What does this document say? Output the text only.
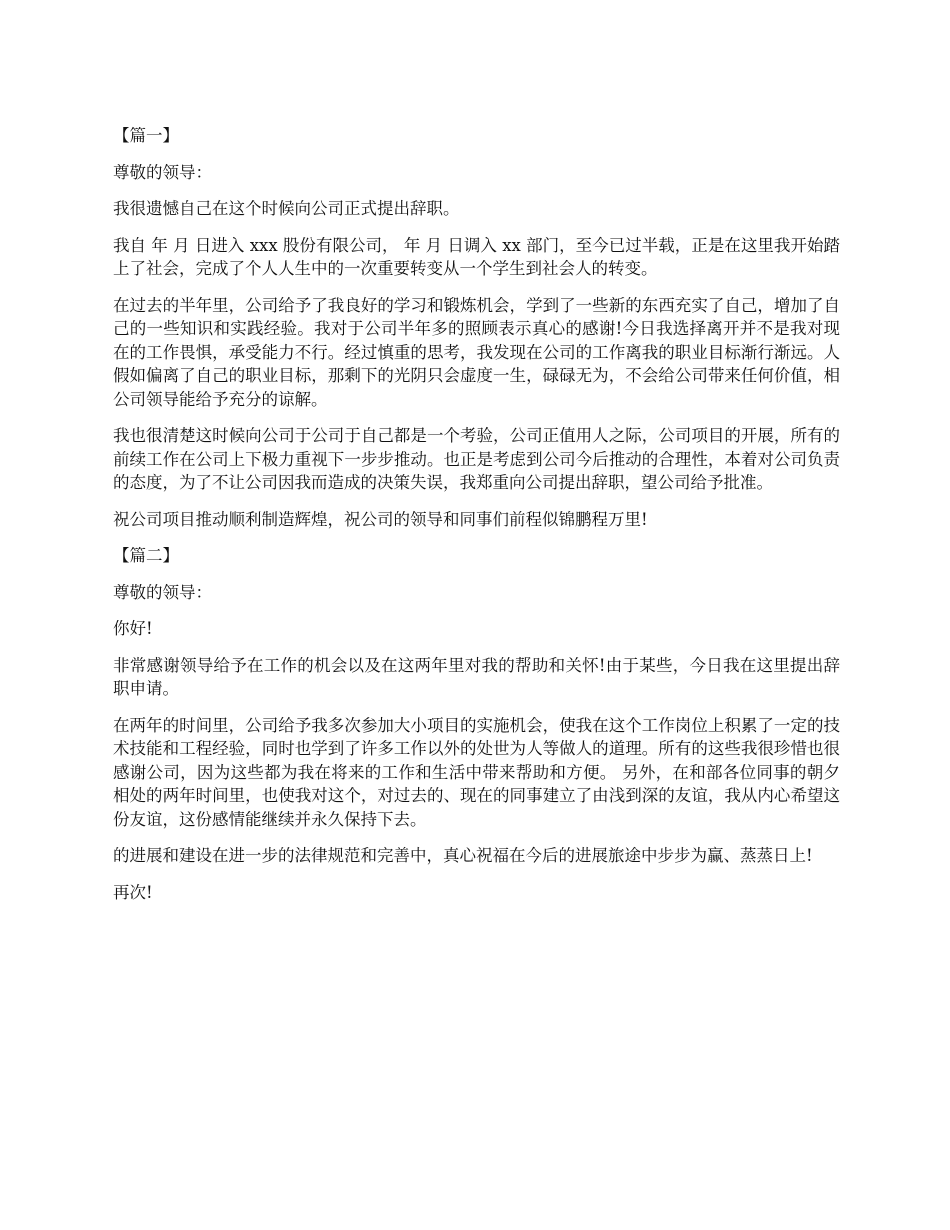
【篇一】

尊敬的领导：

我很遗憾自己在这个时候向公司正式提出辞职。

我自 年 月 日进入 xxx 股份有限公司， 年 月 日调入 xx 部门，至今已过半载，正是在这里我开始踏上了社会，完成了个人人生中的一次重要转变从一个学生到社会人的转变。

在过去的半年里，公司给予了我良好的学习和锻炼机会，学到了一些新的东西充实了自己，增加了自己的一些知识和实践经验。我对于公司半年多的照顾表示真心的感谢!今日我选择离开并不是我对现在的工作畏惧，承受能力不行。经过慎重的思考，我发现在公司的工作离我的职业目标渐行渐远。人假如偏离了自己的职业目标，那剩下的光阴只会虚度一生，碌碌无为，不会给公司带来任何价值，相公司领导能给予充分的谅解。

我也很清楚这时候向公司于公司于自己都是一个考验，公司正值用人之际，公司项目的开展，所有的前续工作在公司上下极力重视下一步步推动。也正是考虑到公司今后推动的合理性，本着对公司负责的态度，为了不让公司因我而造成的决策失误，我郑重向公司提出辞职，望公司给予批准。

祝公司项目推动顺利制造辉煌，祝公司的领导和同事们前程似锦鹏程万里!

【篇二】

尊敬的领导：

你好!

非常感谢领导给予在工作的机会以及在这两年里对我的帮助和关怀!由于某些，今日我在这里提出辞职申请。

在两年的时间里，公司给予我多次参加大小项目的实施机会，使我在这个工作岗位上积累了一定的技术技能和工程经验，同时也学到了许多工作以外的处世为人等做人的道理。所有的这些我很珍惜也很感谢公司，因为这些都为我在将来的工作和生活中带来帮助和方便。 另外，在和部各位同事的朝夕相处的两年时间里，也使我对这个，对过去的、现在的同事建立了由浅到深的友谊，我从内心希望这份友谊，这份感情能继续并永久保持下去。

的进展和建设在进一步的法律规范和完善中，真心祝福在今后的进展旅途中步步为赢、蒸蒸日上!

再次!
